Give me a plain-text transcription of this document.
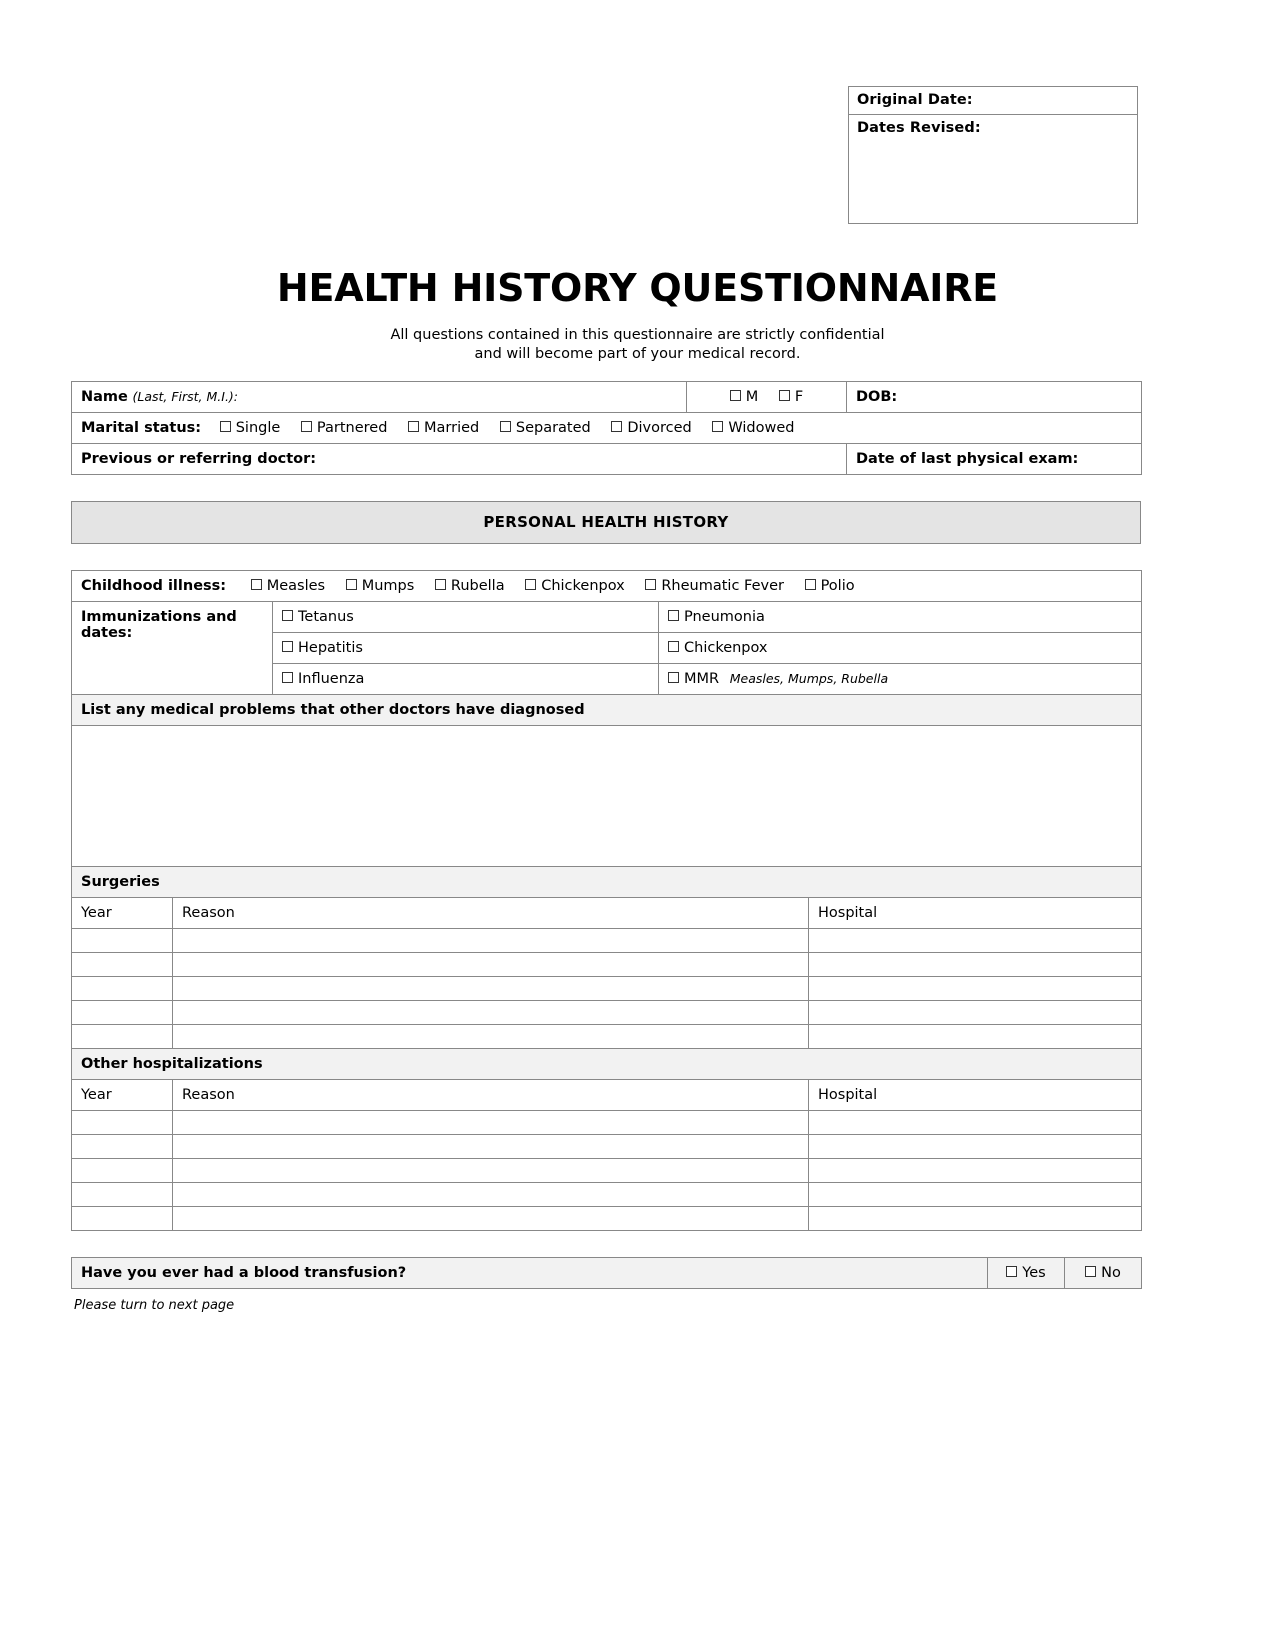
Original Date:
Dates Revised:
HEALTH HISTORY QUESTIONNAIRE
All questions contained in this questionnaire are strictly confidential
and will become part of your medical record.
Name (Last, First, M.I.):	M F	DOB:
Marital status: Single Partnered Married Separated Divorced Widowed		
Previous or referring doctor:		Date of last physical exam:
PERSONAL HEALTH HISTORY
Childhood illness: Measles Mumps Rubella Chickenpox Rheumatic Fever Polio		

Immunizations and
dates:	Tetanus	Pneumonia
	Hepatitis	Chickenpox
	Influenza	MMR Measles, Mumps, Rubella
List any medical problems that other doctors have diagnosed		

Surgeries		
Year	Reason	Hospital

Other hospitalizations		
Year	Reason	Hospital

Have you ever had a blood transfusion?	Yes	No
Please turn to next page
